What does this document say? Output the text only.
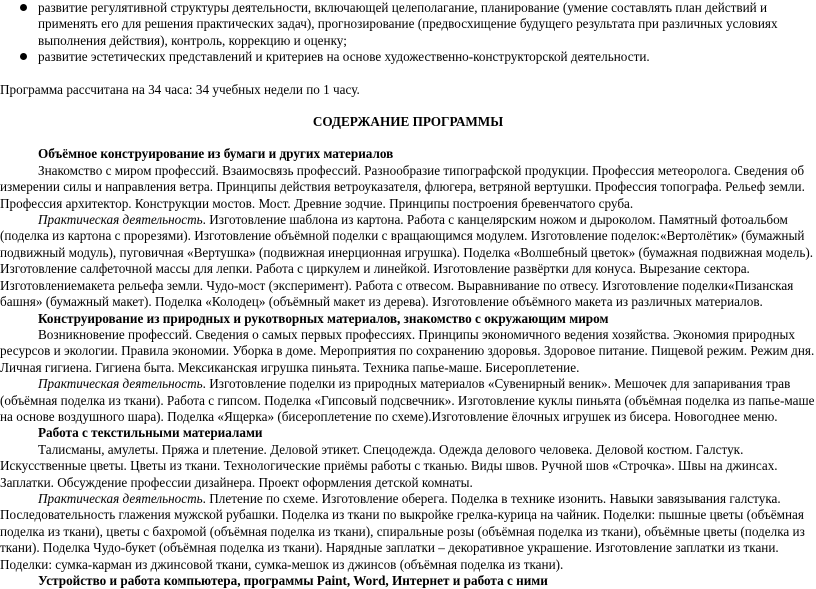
развитие регулятивной структуры деятельности, включающей целеполагание, планирование (умение составлять план действий и применять его для решения практических задач), прогнозирование (предвосхищение будущего результата при различных условиях выполнения действия), контроль, коррекцию и оценку;
развитие эстетических представлений и критериев на основе художественно-конструкторской деятельности.

Программа рассчитана на 34 часа: 34 учебных недели по 1 часу.

СОДЕРЖАНИЕ ПРОГРАММЫ

Объёмное конструирование из бумаги и других материалов

Знакомство с миром профессий. Взаимосвязь профессий. Разнообразие типографской продукции. Профессия метеоролога. Сведения об измерении силы и направления ветра. Принципы действия ветроуказателя, флюгера, ветряной вертушки. Профессия топографа. Рельеф земли. Профессия архитектор. Конструкции мостов. Мост. Древние зодчие. Принципы построения бревенчатого сруба.

Практическая деятельность. Изготовление шаблона из картона. Работа с канцелярским ножом и дыроколом. Памятный фотоальбом (поделка из картона с прорезями). Изготовление объёмной поделки с вращающимся модулем. Изготовление поделок:«Вертолётик» (бумажный подвижный модуль), пуговичная «Вертушка» (подвижная инерционная игрушка). Поделка «Волшебный цветок» (бумажная подвижная модель). Изготовление салфеточной массы для лепки. Работа с циркулем и линейкой. Изготовление развёртки для конуса. Вырезание сектора. Изготовлениемакета рельефа земли. Чудо-мост (эксперимент). Работа с отвесом. Выравнивание по отвесу. Изготовление поделки«Пизанская башня» (бумажный макет). Поделка «Колодец» (объёмный макет из дерева). Изготовление объёмного макета из различных материалов.

Конструирование из природных и рукотворных материалов, знакомство с окружающим миром

Возникновение профессий. Сведения о самых первых профессиях. Принципы экономичного ведения хозяйства. Экономия природных ресурсов и экологии. Правила экономии. Уборка в доме. Мероприятия по сохранению здоровья. Здоровое питание. Пищевой режим. Режим дня. Личная гигиена. Гигиена быта. Мексиканская игрушка пиньята. Техника папье-маше. Бисероплетение.

Практическая деятельность. Изготовление поделки из природных материалов «Сувенирный веник». Мешочек для запаривания трав (объёмная поделка из ткани). Работа с гипсом. Поделка «Гипсовый подсвечник». Изготовление куклы пиньята (объёмная поделка из папье-маше на основе воздушного шара). Поделка «Ящерка» (бисероплетение по схеме).Изготовление ёлочных игрушек из бисера. Новогоднее меню.

Работа с текстильными материалами

Талисманы, амулеты. Пряжа и плетение. Деловой этикет. Спецодежда. Одежда делового человека. Деловой костюм. Галстук. Искусственные цветы. Цветы из ткани. Технологические приёмы работы с тканью. Виды швов. Ручной шов «Строчка». Швы на джинсах. Заплатки. Обсуждение профессии дизайнера. Проект оформления детской комнаты.

Практическая деятельность. Плетение по схеме. Изготовление оберега. Поделка в технике изонить. Навыки завязывания галстука. Последовательность глажения мужской рубашки. Поделка из ткани по выкройке грелка-курица на чайник. Поделки: пышные цветы (объёмная поделка из ткани), цветы с бахромой (объёмная поделка из ткани), спиральные розы (объёмная поделка из ткани), объёмные цветы (поделка из ткани). Поделка Чудо-букет (объёмная поделка из ткани). Нарядные заплатки – декоративное украшение. Изготовление заплатки из ткани. Поделки: сумка-карман из джинсовой ткани, сумка-мешок из джинсов (объёмная поделка из ткани).

Устройство и работа компьютера, программы Paint, Word, Интернет и работа с ними
